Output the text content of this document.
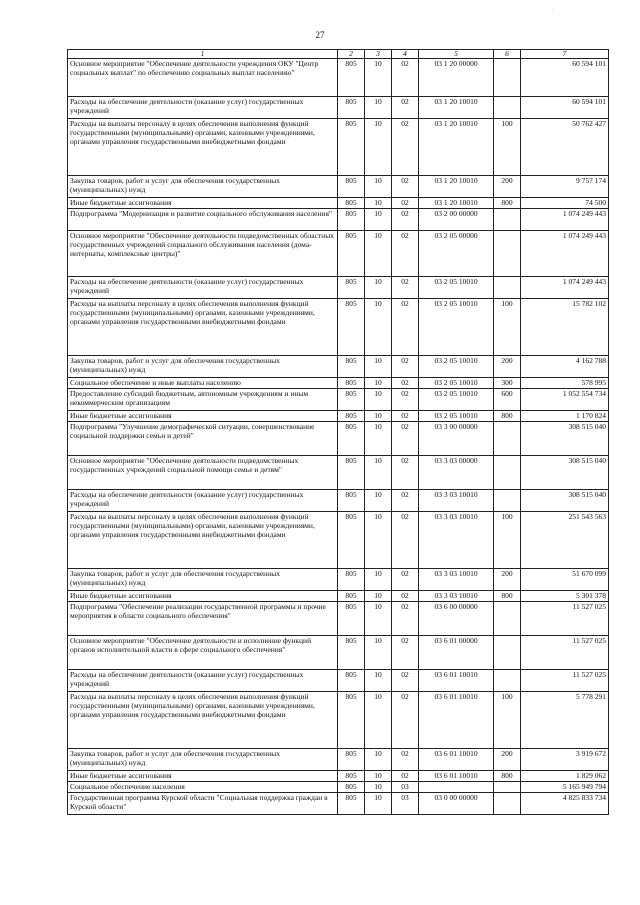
.
27
1	2	3	4	5	6	7
Основное мероприятие "Обеспечение деятельности учреждения ОКУ "Центр социальных выплат" по обеспечению социальных выплат населению"	805	10	02	03 1 20 00000		60 594 101
Расходы на обеспечение деятельности (оказание услуг) государственных учреждений	805	10	02	03 1 20 10010		60 594 101
Расходы на выплаты персоналу в целях обеспечения выполнения функций государственными (муниципальными) органами, казенными учреждениями, органами управления государственными внебюджетными фондами	805	10	02	03 1 20 10010	100	50 762 427
Закупка товаров, работ и услуг для обеспечения государственных (муниципальных) нужд	805	10	02	03 1 20 10010	200	9 757 174
Иные бюджетные ассигнования	805	10	02	03 1 20 10010	800	74 500
Подпрограмма "Модернизация и развитие социального обслуживания населения"	805	10	02	03 2 00 00000		1 074 249 443
Основное мероприятие "Обеспечение деятельности подведомственных областных государственных учреждений социального обслуживания населения (дома-интернаты, комплексные центры)"	805	10	02	03 2 05 00000		1 074 249 443
Расходы на обеспечение деятельности (оказание услуг) государственных учреждений	805	10	02	03 2 05 10010		1 074 249 443
Расходы на выплаты персоналу в целях обеспечения выполнения функций государственными (муниципальными) органами, казенными учреждениями, органами управления государственными внебюджетными фондами	805	10	02	03 2 05 10010	100	15 782 102
Закупка товаров, работ и услуг для обеспечения государственных (муниципальных) нужд	805	10	02	03 2 05 10010	200	4 162 788
Социальное обеспечение и иные выплаты населению	805	10	02	03 2 05 10010	300	578 995
Предоставление субсидий бюджетным, автономным учреждениям и иным некоммерческим организациям	805	10	02	03 2 05 10010	600	1 052 554 734
Иные бюджетные ассигнования	805	10	02	03 2 05 10010	800	1 170 824
Подпрограмма "Улучшение демографической ситуации, совершенствование социальной поддержки семьи и детей"	805	10	02	03 3 00 00000		308 515 040
Основное мероприятие "Обеспечение деятельности подведомственных государственных учреждений социальной помощи семье и детям"	805	10	02	03 3 03 00000		308 515 040
Расходы на обеспечение деятельности (оказание услуг) государственных учреждений	805	10	02	03 3 03 10010		308 515 040
Расходы на выплаты персоналу в целях обеспечения выполнения функций государственными (муниципальными) органами, казенными учреждениями, органами управления государственными внебюджетными фондами	805	10	02	03 3 03 10010	100	251 543 563
Закупка товаров, работ и услуг для обеспечения государственных (муниципальных) нужд	805	10	02	03 3 03 10010	200	51 670 099
Иные бюджетные ассигнования	805	10	02	03 3 03 10010	800	5 301 378
Подпрограмма "Обеспечение реализации государственной программы и прочие мероприятия в области социального обеспечения"	805	10	02	03 6 00 00000		11 527 025
Основное мероприятие "Обеспечение деятельности и исполнение функций органов исполнительной власти в сфере социального обеспечения"	805	10	02	03 6 01 00000		11 527 025
Расходы на обеспечение деятельности (оказание услуг) государственных учреждений	805	10	02	03 6 01 10010		11 527 025
Расходы на выплаты персоналу в целях обеспечения выполнения функций государственными (муниципальными) органами, казенными учреждениями, органами управления государственными внебюджетными фондами	805	10	02	03 6 01 10010	100	5 778 291
Закупка товаров, работ и услуг для обеспечения государственных (муниципальных) нужд	805	10	02	03 6 01 10010	200	3 919 672
Иные бюджетные ассигнования	805	10	02	03 6 01 10010	800	1 829 062
Социальное обеспечение населения	805	10	03			5 165 949 794
Государственная программа Курской области "Социальная поддержка граждан в Курской области"	805	10	03	03 0 00 00000		4 825 833 734
